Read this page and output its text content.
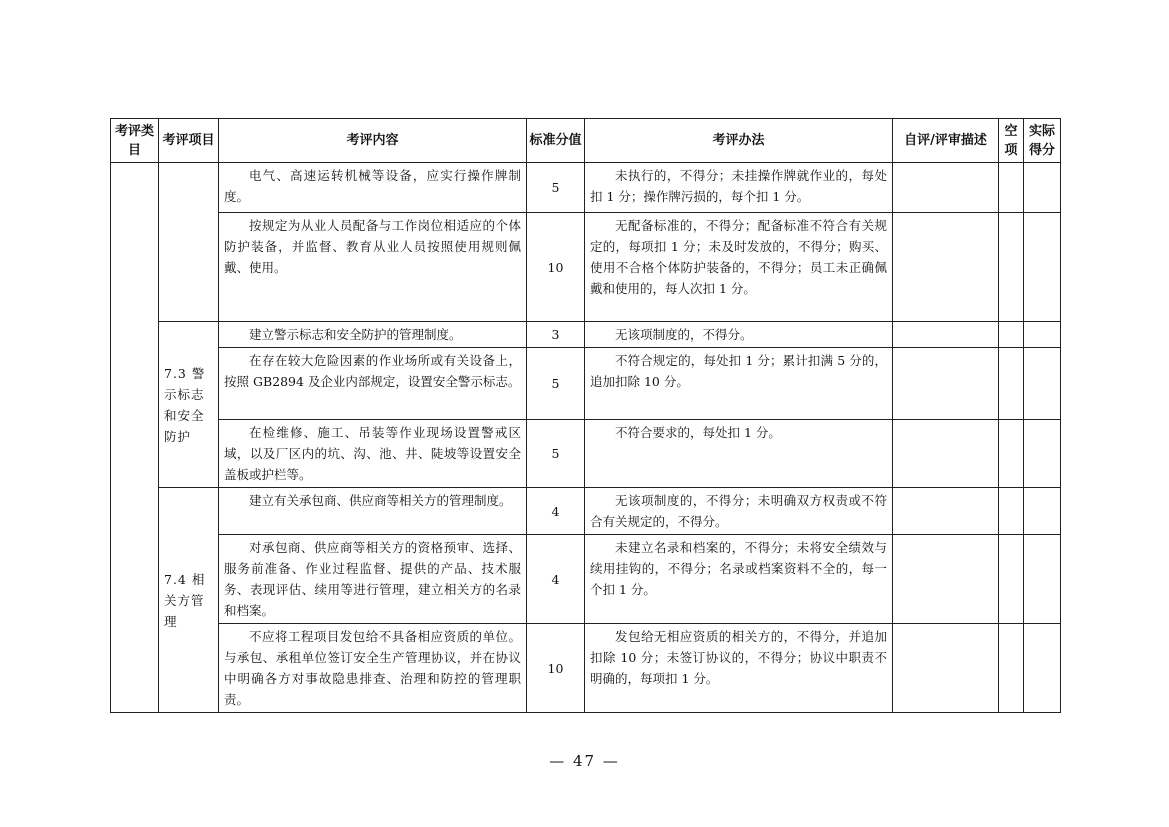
考评类目	考评项目	考评内容	标准分值	考评办法	自评/评审描述	空项	实际得分

		电气、高速运转机械等设备，应实行操作牌制度。	5	未执行的，不得分；未挂操作牌就作业的，每处扣 1 分；操作牌污损的，每个扣 1 分。			

		按规定为从业人员配备与工作岗位相适应的个体防护装备，并监督、教育从业人员按照使用规则佩戴、使用。	10	无配备标准的，不得分；配备标准不符合有关规定的，每项扣 1 分；未及时发放的，不得分；购买、使用不合格个体防护装备的，不得分；员工未正确佩戴和使用的，每人次扣 1 分。			

	7.3 警示标志和安全防护	建立警示标志和安全防护的管理制度。	3	无该项制度的，不得分。			

		在存在较大危险因素的作业场所或有关设备上，按照 GB2894 及企业内部规定，设置安全警示标志。	5	不符合规定的，每处扣 1 分；累计扣满 5 分的，追加扣除 10 分。			

		在检维修、施工、吊装等作业现场设置警戒区域，以及厂区内的坑、沟、池、井、陡坡等设置安全盖板或护栏等。	5	不符合要求的，每处扣 1 分。			

	7.4 相关方管理	建立有关承包商、供应商等相关方的管理制度。	4	无该项制度的，不得分；未明确双方权责或不符合有关规定的，不得分。			

		对承包商、供应商等相关方的资格预审、选择、服务前准备、作业过程监督、提供的产品、技术服务、表现评估、续用等进行管理，建立相关方的名录和档案。	4	未建立名录和档案的，不得分；未将安全绩效与续用挂钩的，不得分；名录或档案资料不全的，每一个扣 1 分。			

		不应将工程项目发包给不具备相应资质的单位。与承包、承租单位签订安全生产管理协议，并在协议中明确各方对事故隐患排查、治理和防控的管理职责。	10	发包给无相应资质的相关方的，不得分，并追加扣除 10 分；未签订协议的，不得分；协议中职责不明确的，每项扣 1 分。			

— 47 —
